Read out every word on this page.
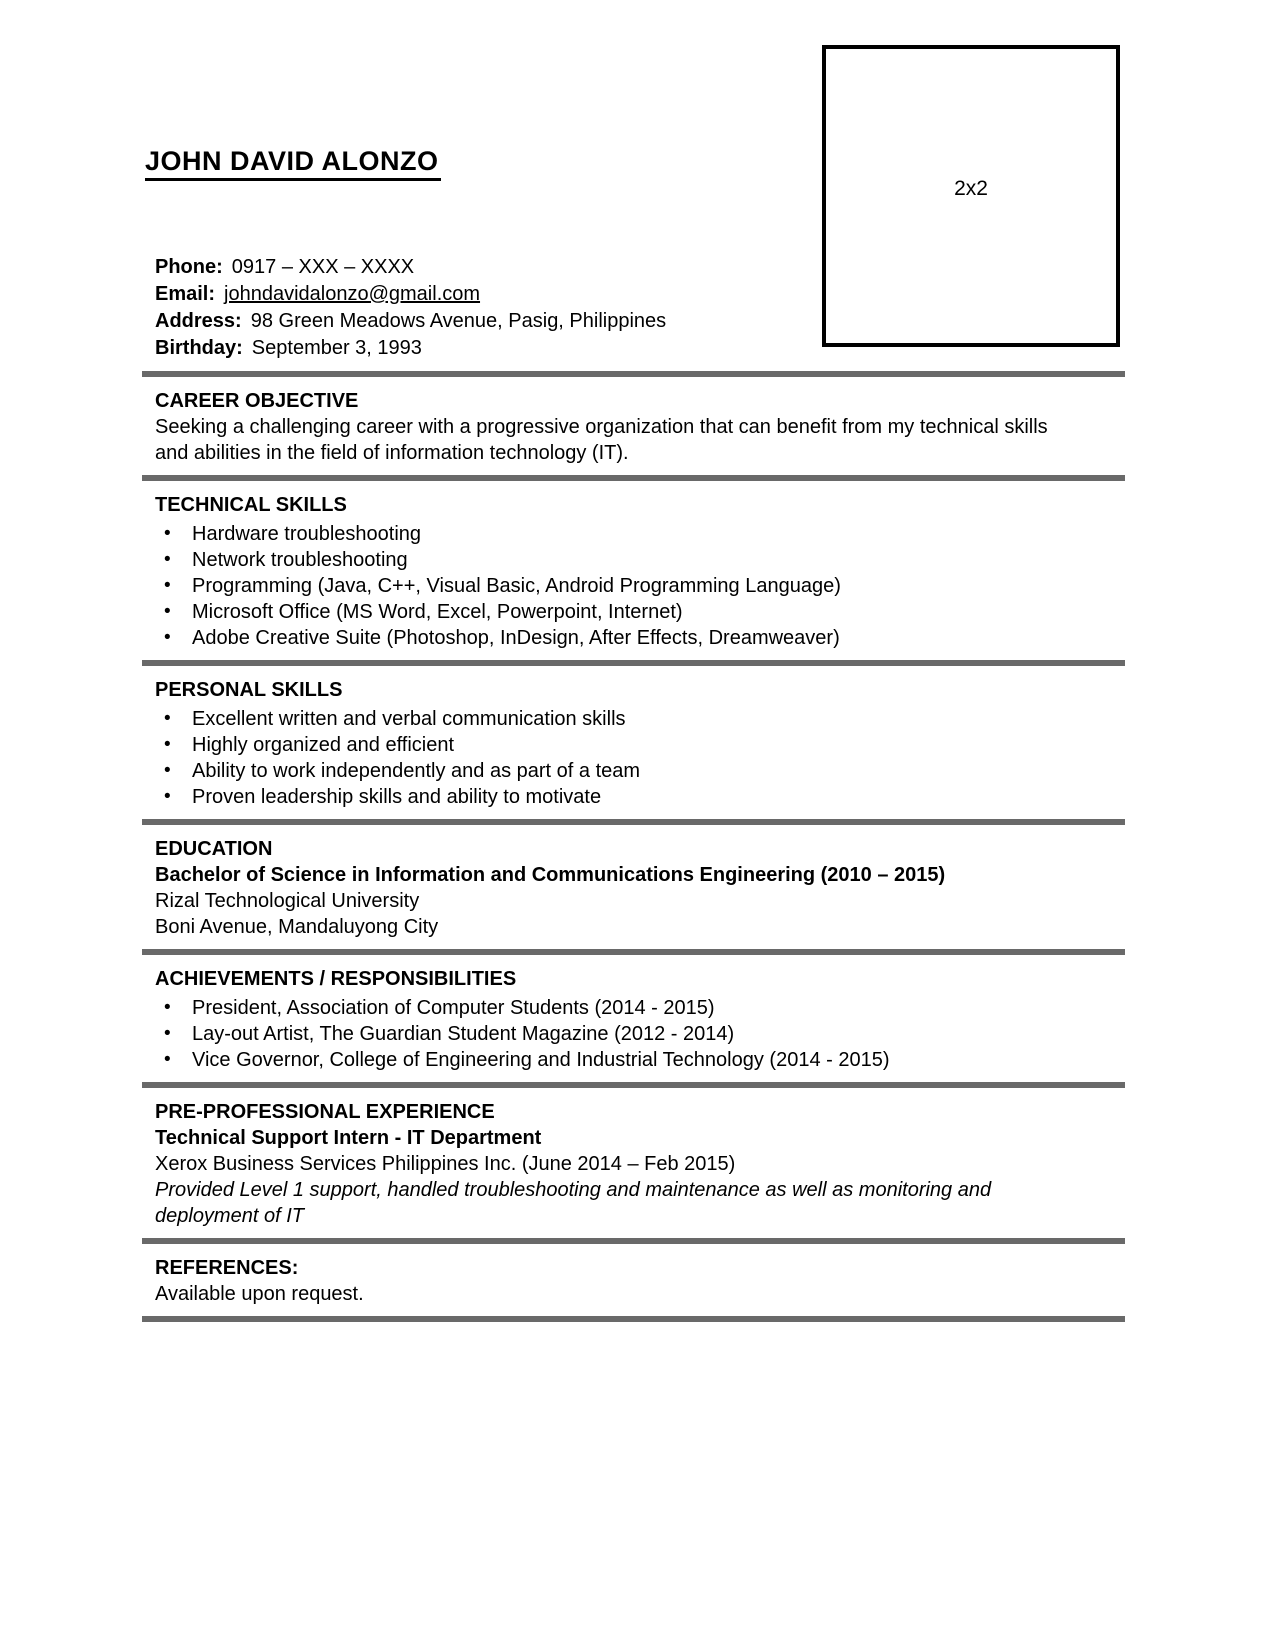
JOHN DAVID ALONZO
2x2
Phone: 0917 – XXX – XXXX
Email: johndavidalonzo@gmail.com
Address: 98 Green Meadows Avenue, Pasig, Philippines
Birthday: September 3, 1993
CAREER OBJECTIVE
Seeking a challenging career with a progressive organization that can benefit from my technical skills and abilities in the field of information technology (IT).
TECHNICAL SKILLS
•	Hardware troubleshooting
•	Network troubleshooting
•	Programming (Java, C++, Visual Basic, Android Programming Language)
•	Microsoft Office (MS Word, Excel, Powerpoint, Internet)
•	Adobe Creative Suite (Photoshop, InDesign, After Effects, Dreamweaver)
PERSONAL SKILLS
•	Excellent written and verbal communication skills
•	Highly organized and efficient
•	Ability to work independently and as part of a team
•	Proven leadership skills and ability to motivate
EDUCATION
Bachelor of Science in Information and Communications Engineering (2010 – 2015)
Rizal Technological University
Boni Avenue, Mandaluyong City
ACHIEVEMENTS / RESPONSIBILITIES
•	President, Association of Computer Students (2014 - 2015)
•	Lay-out Artist, The Guardian Student Magazine (2012 - 2014)
•	Vice Governor, College of Engineering and Industrial Technology (2014 - 2015)
PRE-PROFESSIONAL EXPERIENCE
Technical Support Intern - IT Department
Xerox Business Services Philippines Inc. (June 2014 – Feb 2015)
Provided Level 1 support, handled troubleshooting and maintenance as well as monitoring and deployment of IT
REFERENCES:
Available upon request.
